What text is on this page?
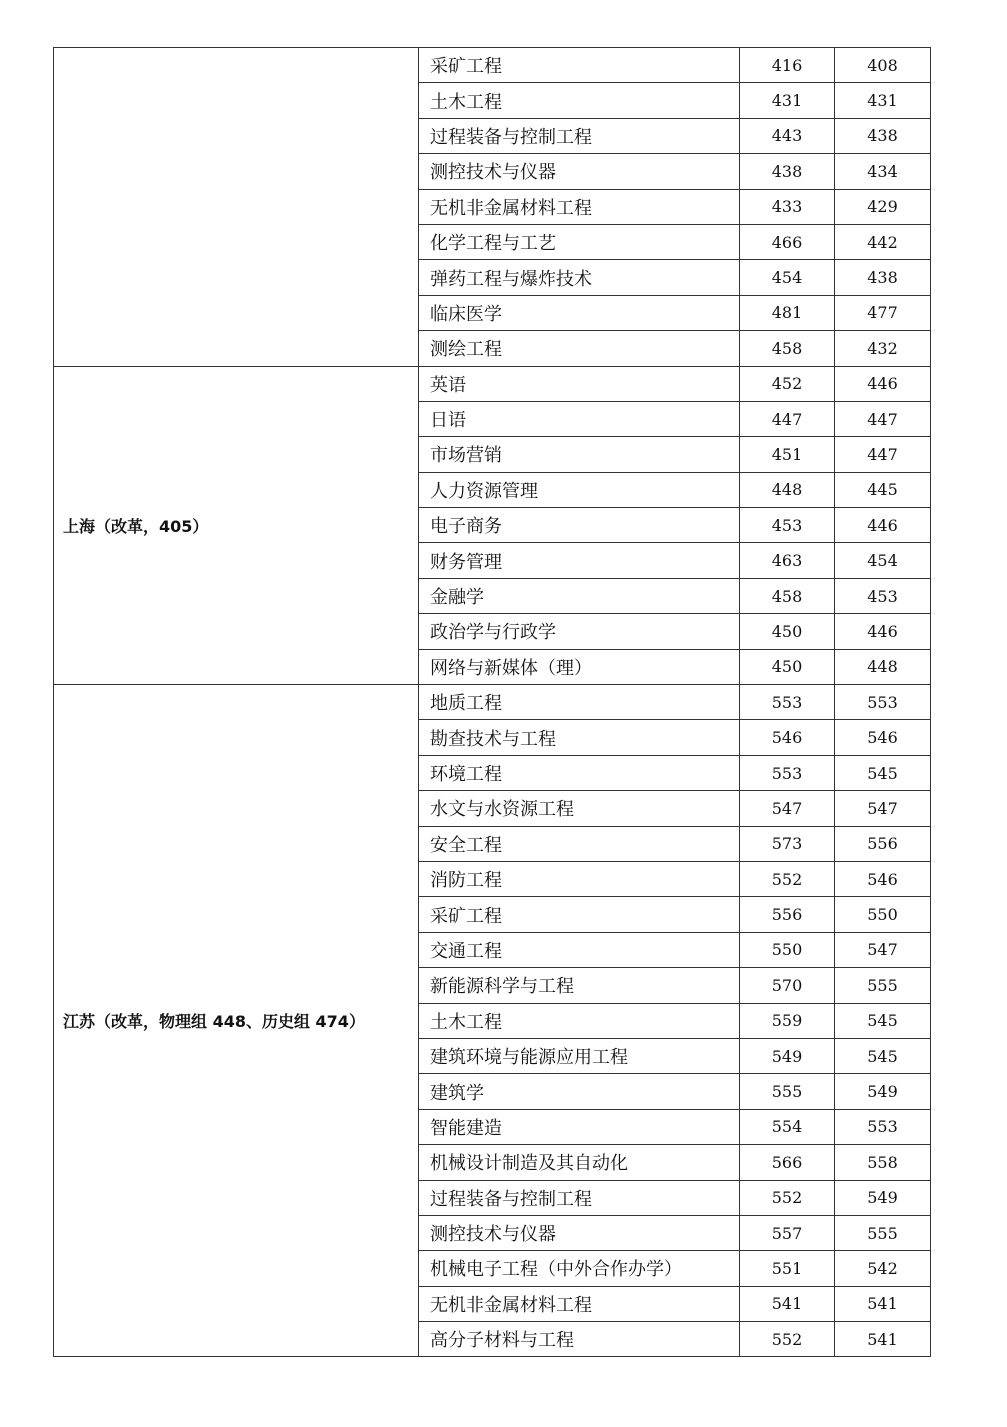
	采矿工程	416	408
	土木工程	431	431
	过程装备与控制工程	443	438
	测控技术与仪器	438	434
	无机非金属材料工程	433	429
	化学工程与工艺	466	442
	弹药工程与爆炸技术	454	438
	临床医学	481	477
	测绘工程	458	432
上海（改革，405）	英语	452	446
	日语	447	447
	市场营销	451	447
	人力资源管理	448	445
	电子商务	453	446
	财务管理	463	454
	金融学	458	453
	政治学与行政学	450	446
	网络与新媒体（理）	450	448
江苏（改革，物理组 448、历史组 474）	地质工程	553	553
	勘查技术与工程	546	546
	环境工程	553	545
	水文与水资源工程	547	547
	安全工程	573	556
	消防工程	552	546
	采矿工程	556	550
	交通工程	550	547
	新能源科学与工程	570	555
	土木工程	559	545
	建筑环境与能源应用工程	549	545
	建筑学	555	549
	智能建造	554	553
	机械设计制造及其自动化	566	558
	过程装备与控制工程	552	549
	测控技术与仪器	557	555
	机械电子工程（中外合作办学）	551	542
	无机非金属材料工程	541	541
	高分子材料与工程	552	541
